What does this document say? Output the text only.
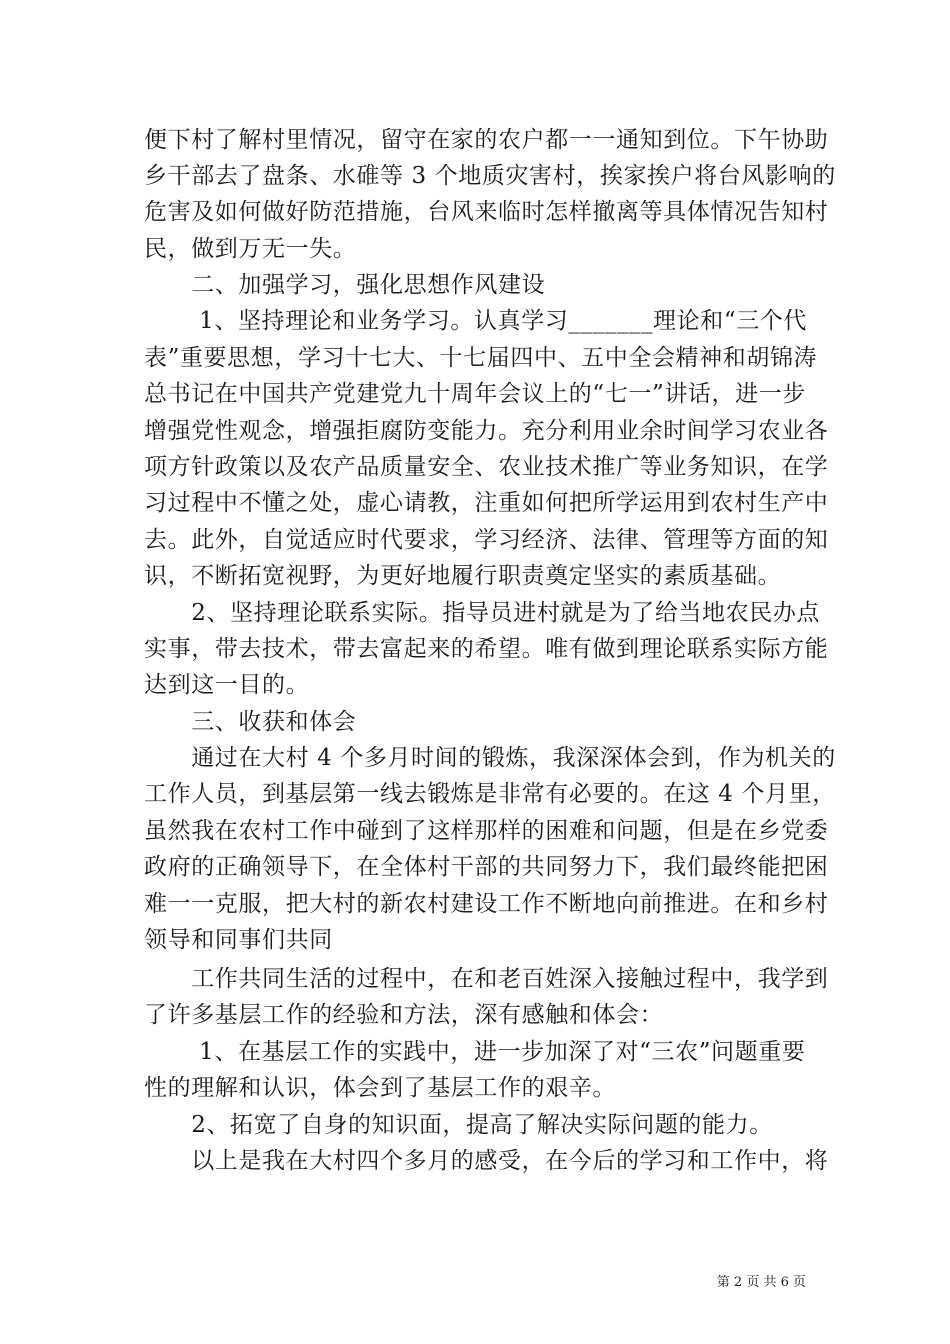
便下村了解村里情况，留守在家的农户都一一通知到位。下午协助
乡干部去了盘条、水碓等 3 个地质灾害村，挨家挨户将台风影响的
危害及如何做好防范措施，台风来临时怎样撤离等具体情况告知村
民，做到万无一失。
　　二、加强学习，强化思想作风建设
　　 1、坚持理论和业务学习。认真学习_______理论和“三个代
表”重要思想，学习十七大、十七届四中、五中全会精神和胡锦涛
总书记在中国共产党建党九十周年会议上的“七一”讲话，进一步
增强党性观念，增强拒腐防变能力。充分利用业余时间学习农业各
项方针政策以及农产品质量安全、农业技术推广等业务知识，在学
习过程中不懂之处，虚心请教，注重如何把所学运用到农村生产中
去。此外，自觉适应时代要求，学习经济、法律、管理等方面的知
识，不断拓宽视野，为更好地履行职责奠定坚实的素质基础。
　　2、坚持理论联系实际。指导员进村就是为了给当地农民办点
实事，带去技术，带去富起来的希望。唯有做到理论联系实际方能
达到这一目的。
　　三、收获和体会
　　通过在大村 4 个多月时间的锻炼，我深深体会到，作为机关的
工作人员，到基层第一线去锻炼是非常有必要的。在这 4 个月里，
虽然我在农村工作中碰到了这样那样的困难和问题，但是在乡党委
政府的正确领导下，在全体村干部的共同努力下，我们最终能把困
难一一克服，把大村的新农村建设工作不断地向前推进。在和乡村
领导和同事们共同
　　工作共同生活的过程中，在和老百姓深入接触过程中，我学到
了许多基层工作的经验和方法，深有感触和体会：
　　 1、在基层工作的实践中，进一步加深了对“三农”问题重要
性的理解和认识，体会到了基层工作的艰辛。
　　2、拓宽了自身的知识面，提高了解决实际问题的能力。
　　以上是我在大村四个多月的感受，在今后的学习和工作中，将
第 2 页 共 6 页
